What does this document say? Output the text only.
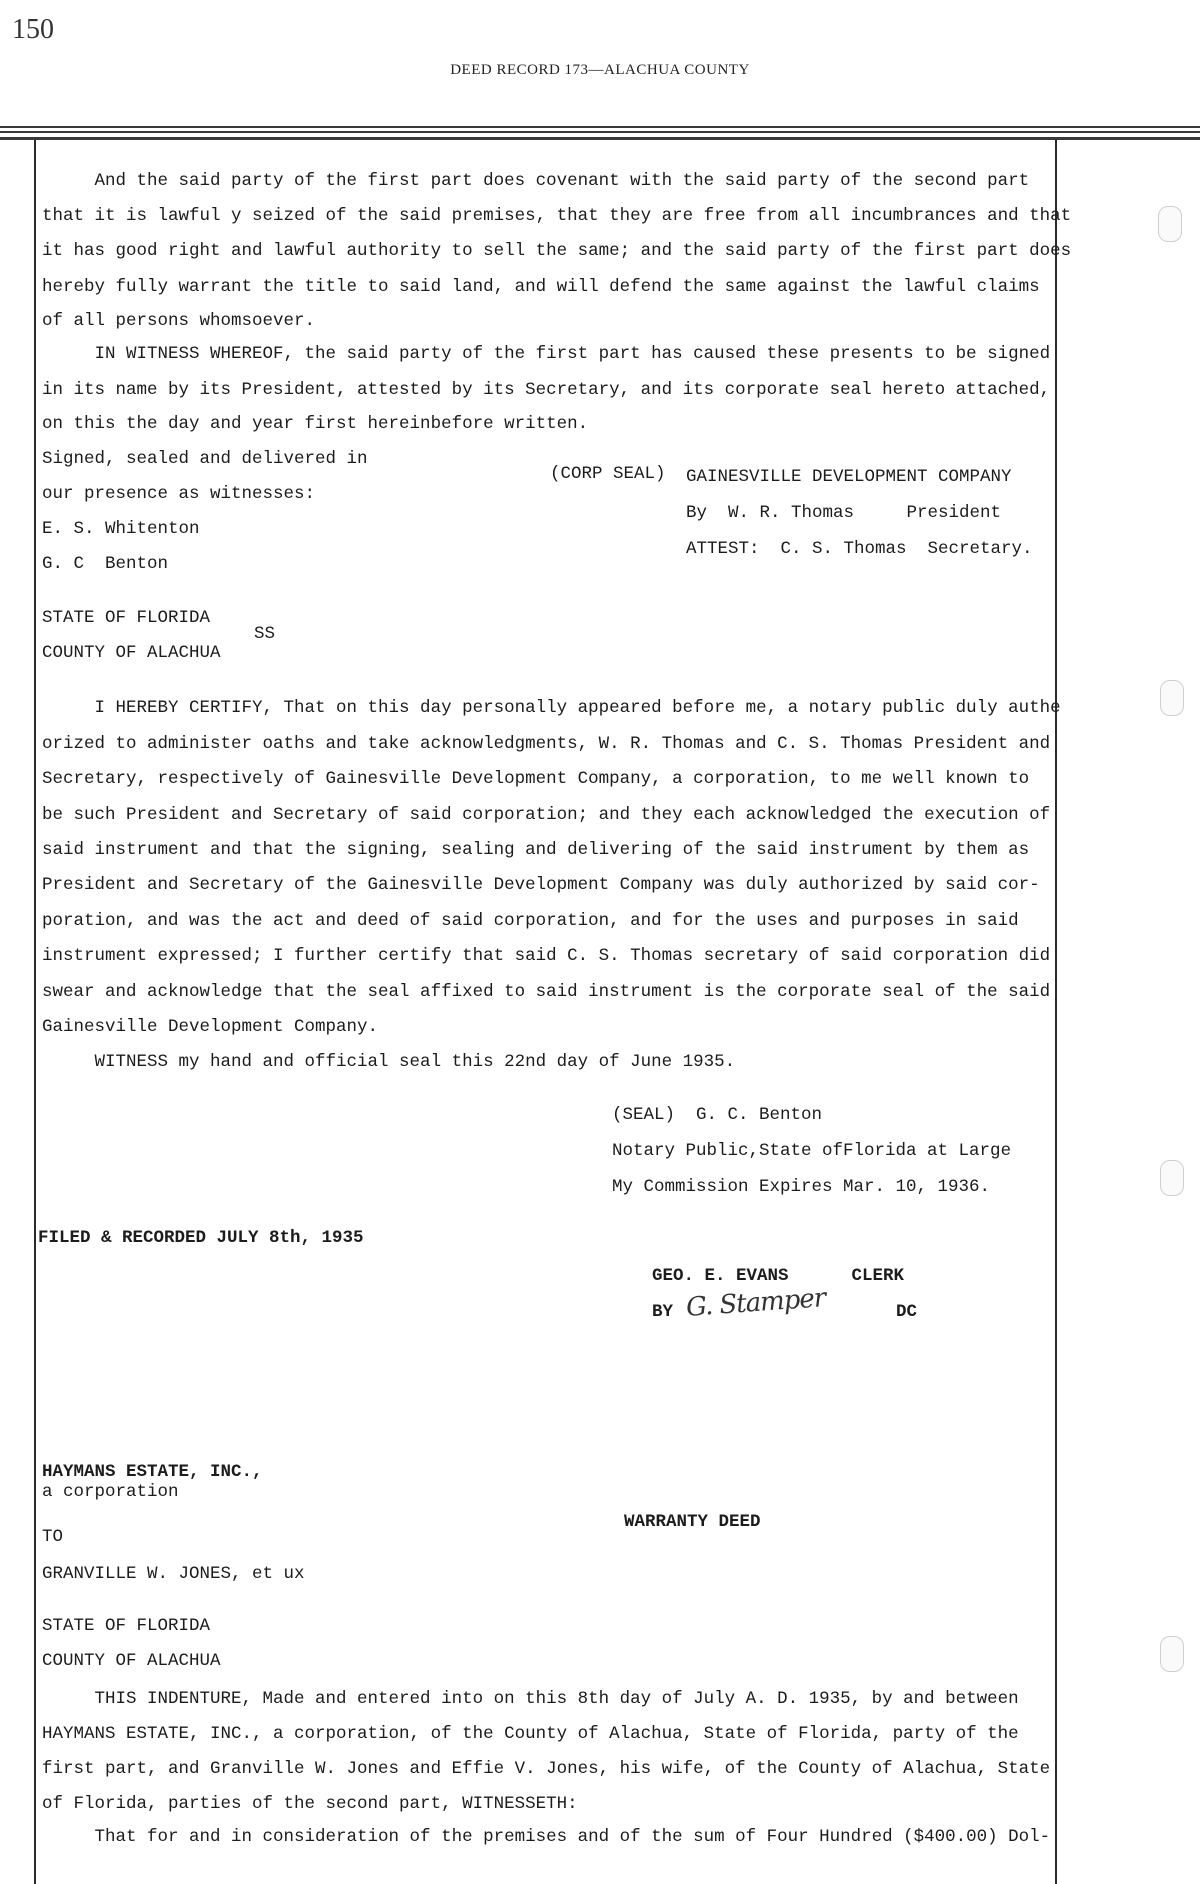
150
DEED RECORD 173—ALACHUA COUNTY
And the said party of the first part does covenant with the said party of the second part
that it is lawful y seized of the said premises, that they are free from all incumbrances and that
it has good right and lawful authority to sell the same; and the said party of the first part does
hereby fully warrant the title to said land, and will defend the same against the lawful claims
of all persons whomsoever.
IN WITNESS WHEREOF, the said party of the first part has caused these presents to be signed
in its name by its President, attested by its Secretary, and its corporate seal hereto attached,
on this the day and year first hereinbefore written.
Signed, sealed and delivered in
our presence as witnesses:
E. S. Whitenton
G. C  Benton
(CORP SEAL) GAINESVILLE DEVELOPMENT COMPANY
By  W. R. Thomas     President
ATTEST:  C. S. Thomas  Secretary.
STATE OF FLORIDA
COUNTY OF ALACHUA
SS
I HEREBY CERTIFY, That on this day personally appeared before me, a notary public duly authe
orized to administer oaths and take acknowledgments, W. R. Thomas and C. S. Thomas President and
Secretary, respectively of Gainesville Development Company, a corporation, to me well known to
be such President and Secretary of said corporation; and they each acknowledged the execution of
said instrument and that the signing, sealing and delivering of the said instrument by them as
President and Secretary of the Gainesville Development Company was duly authorized by said cor-
poration, and was the act and deed of said corporation, and for the uses and purposes in said
instrument expressed; I further certify that said C. S. Thomas secretary of said corporation did
swear and acknowledge that the seal affixed to said instrument is the corporate seal of the said
Gainesville Development Company.
WITNESS my hand and official seal this 22nd day of June 1935.
(SEAL)  G. C. Benton
Notary Public,State ofFlorida at Large
My Commission Expires Mar. 10, 1936.
FILED & RECORDED JULY 8th, 1935
GEO. E. EVANS      CLERK
BY G. Stamper	DC
HAYMANS ESTATE, INC.,
a corporation
WARRANTY DEED
TO
GRANVILLE W. JONES, et ux
STATE OF FLORIDA
COUNTY OF ALACHUA
THIS INDENTURE, Made and entered into on this 8th day of July A. D. 1935, by and between
HAYMANS ESTATE, INC., a corporation, of the County of Alachua, State of Florida, party of the
first part, and Granville W. Jones and Effie V. Jones, his wife, of the County of Alachua, State
of Florida, parties of the second part, WITNESSETH:
That for and in consideration of the premises and of the sum of Four Hundred ($400.00) Dol-
